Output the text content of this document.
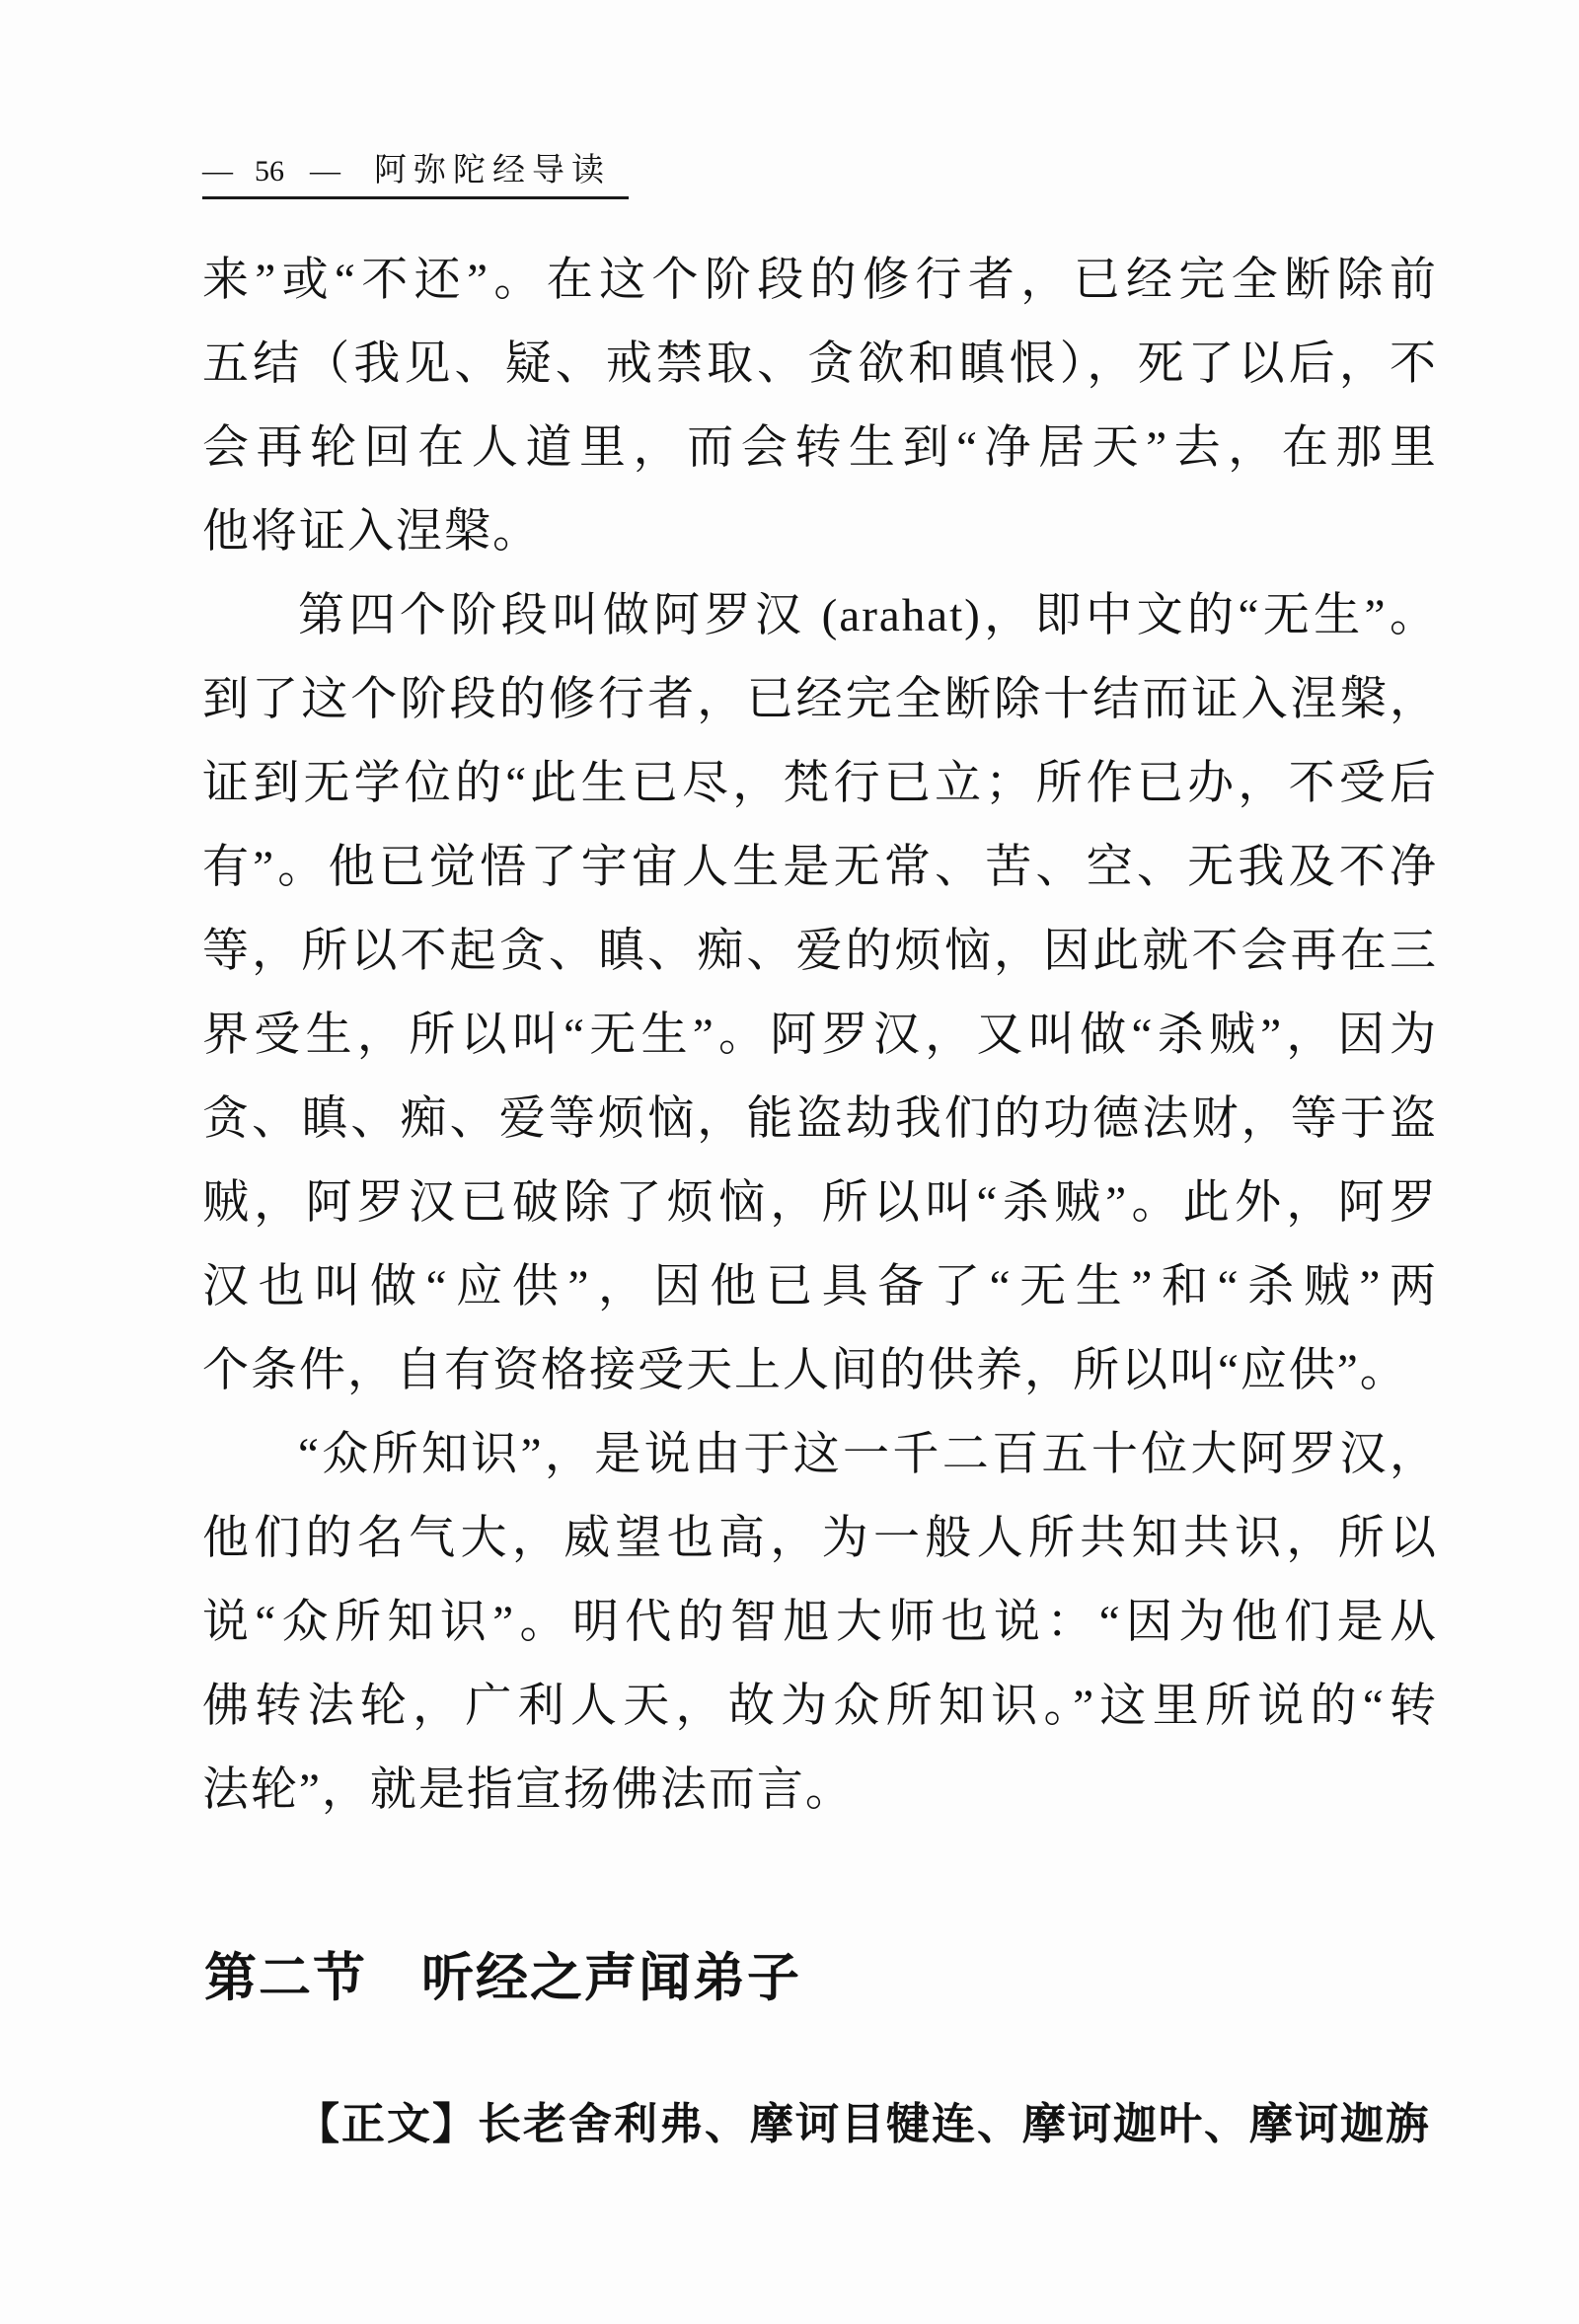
— 56 — 阿弥陀经导读
来”或“不还”。在这个阶段的修行者，已经完全断除前
五结（我见、疑、戒禁取、贪欲和瞋恨），死了以后，不
会再轮回在人道里，而会转生到“净居天”去，在那里
他将证入涅槃。
第四个阶段叫做阿罗汉 (arahat)，即中文的“无生”。
到了这个阶段的修行者，已经完全断除十结而证入涅槃，
证到无学位的“此生已尽，梵行已立；所作已办，不受后
有”。他已觉悟了宇宙人生是无常、苦、空、无我及不净
等，所以不起贪、瞋、痴、爱的烦恼，因此就不会再在三
界受生，所以叫“无生”。阿罗汉，又叫做“杀贼”，因为
贪、瞋、痴、爱等烦恼，能盗劫我们的功德法财，等于盗
贼，阿罗汉已破除了烦恼，所以叫“杀贼”。此外，阿罗
汉也叫做“应供”，因他已具备了“无生”和“杀贼”两
个条件，自有资格接受天上人间的供养，所以叫“应供”。
“众所知识”，是说由于这一千二百五十位大阿罗汉，
他们的名气大，威望也高，为一般人所共知共识，所以
说“众所知识”。明代的智旭大师也说：“因为他们是从
佛转法轮，广利人天，故为众所知识。”这里所说的“转
法轮”，就是指宣扬佛法而言。
第二节 听经之声闻弟子
【正文】长老舍利弗、摩诃目犍连、摩诃迦叶、摩诃迦旃
